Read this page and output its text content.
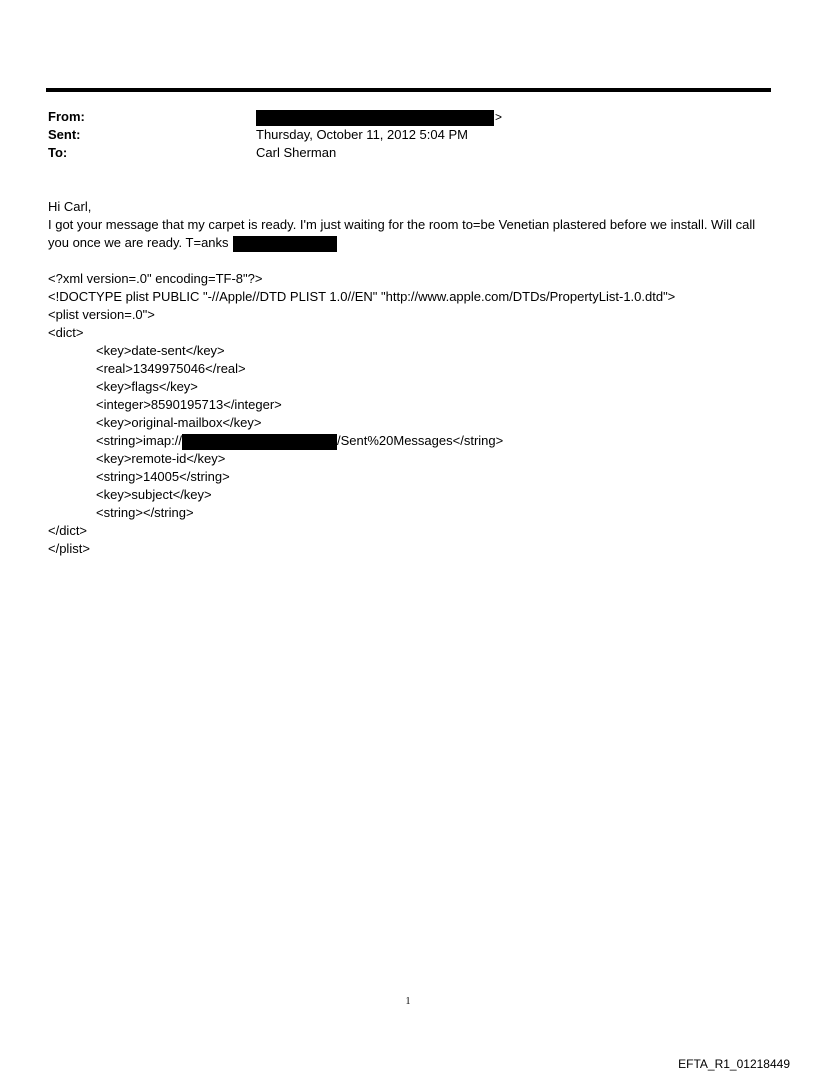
From:	>
Sent:	Thursday, October 11, 2012 5:04 PM
To:	Carl Sherman

Hi Carl,

I got your message that my carpet is ready. I'm just waiting for the room to=be Venetian plastered before we install. Will call you once we are ready. T=anks

<?xml version=.0" encoding=TF-8"?>
<!DOCTYPE plist PUBLIC "-//Apple//DTD PLIST 1.0//EN" "http://www.apple.com/DTDs/PropertyList-1.0.dtd">
<plist version=.0">
<dict>
<key>date-sent</key>
<real>1349975046</real>
<key>flags</key>
<integer>8590195713</integer>
<key>original-mailbox</key>
<string>imap://	/Sent%20Messages</string>
<key>remote-id</key>
<string>14005</string>
<key>subject</key>
<string></string>
</dict>
</plist>
1
EFTA_R1_01218449
